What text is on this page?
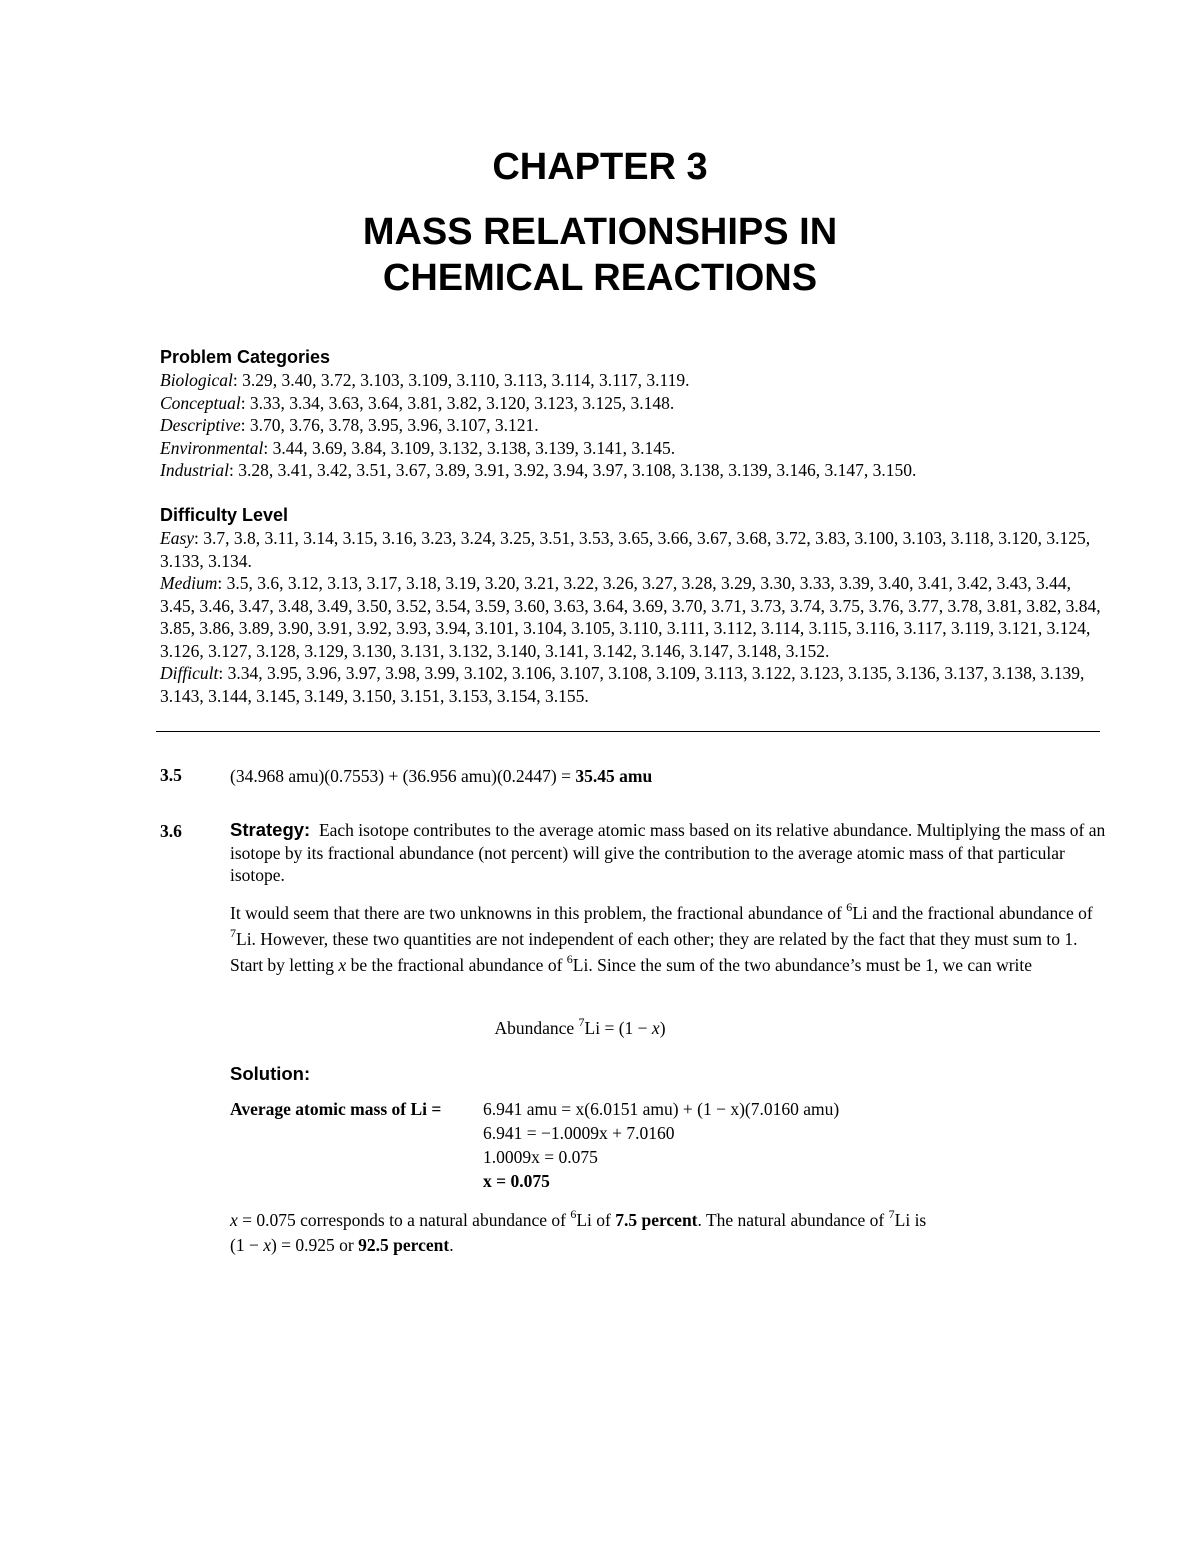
CHAPTER 3
MASS RELATIONSHIPS IN
CHEMICAL REACTIONS
Problem Categories
Biological: 3.29, 3.40, 3.72, 3.103, 3.109, 3.110, 3.113, 3.114, 3.117, 3.119.
Conceptual: 3.33, 3.34, 3.63, 3.64, 3.81, 3.82, 3.120, 3.123, 3.125, 3.148.
Descriptive: 3.70, 3.76, 3.78, 3.95, 3.96, 3.107, 3.121.
Environmental: 3.44, 3.69, 3.84, 3.109, 3.132, 3.138, 3.139, 3.141, 3.145.
Industrial: 3.28, 3.41, 3.42, 3.51, 3.67, 3.89, 3.91, 3.92, 3.94, 3.97, 3.108, 3.138, 3.139, 3.146, 3.147, 3.150.
Difficulty Level
Easy: 3.7, 3.8, 3.11, 3.14, 3.15, 3.16, 3.23, 3.24, 3.25, 3.51, 3.53, 3.65, 3.66, 3.67, 3.68, 3.72, 3.83, 3.100, 3.103, 3.118, 3.120, 3.125, 3.133, 3.134.
Medium: 3.5, 3.6, 3.12, 3.13, 3.17, 3.18, 3.19, 3.20, 3.21, 3.22, 3.26, 3.27, 3.28, 3.29, 3.30, 3.33, 3.39, 3.40, 3.41, 3.42, 3.43, 3.44, 3.45, 3.46, 3.47, 3.48, 3.49, 3.50, 3.52, 3.54, 3.59, 3.60, 3.63, 3.64, 3.69, 3.70, 3.71, 3.73, 3.74, 3.75, 3.76, 3.77, 3.78, 3.81, 3.82, 3.84, 3.85, 3.86, 3.89, 3.90, 3.91, 3.92, 3.93, 3.94, 3.101, 3.104, 3.105, 3.110, 3.111, 3.112, 3.114, 3.115, 3.116, 3.117, 3.119, 3.121, 3.124, 3.126, 3.127, 3.128, 3.129, 3.130, 3.131, 3.132, 3.140, 3.141, 3.142, 3.146, 3.147, 3.148, 3.152.
Difficult: 3.34, 3.95, 3.96, 3.97, 3.98, 3.99, 3.102, 3.106, 3.107, 3.108, 3.109, 3.113, 3.122, 3.123, 3.135, 3.136, 3.137, 3.138, 3.139, 3.143, 3.144, 3.145, 3.149, 3.150, 3.151, 3.153, 3.154, 3.155.
3.5	(34.968 amu)(0.7553) + (36.956 amu)(0.2447) = 35.45 amu
3.6	Strategy: Each isotope contributes to the average atomic mass based on its relative abundance. Multiplying the mass of an isotope by its fractional abundance (not percent) will give the contribution to the average atomic mass of that particular isotope.
It would seem that there are two unknowns in this problem, the fractional abundance of $^6$Li and the fractional abundance of $^7$Li. However, these two quantities are not independent of each other; they are related by the fact that they must sum to 1. Start by letting x be the fractional abundance of $^6$Li. Since the sum of the two abundance’s must be 1, we can write
Abundance $^7$Li = (1 − x)
Solution:
Average atomic mass of Li = 6.941 amu = x(6.0151 amu) + (1 − x)(7.0160 amu)
6.941 = −1.0009x + 7.0160
1.0009x = 0.075
x = 0.075
x = 0.075 corresponds to a natural abundance of $^6$Li of 7.5 percent. The natural abundance of $^7$Li is
(1 − x) = 0.925 or 92.5 percent.
